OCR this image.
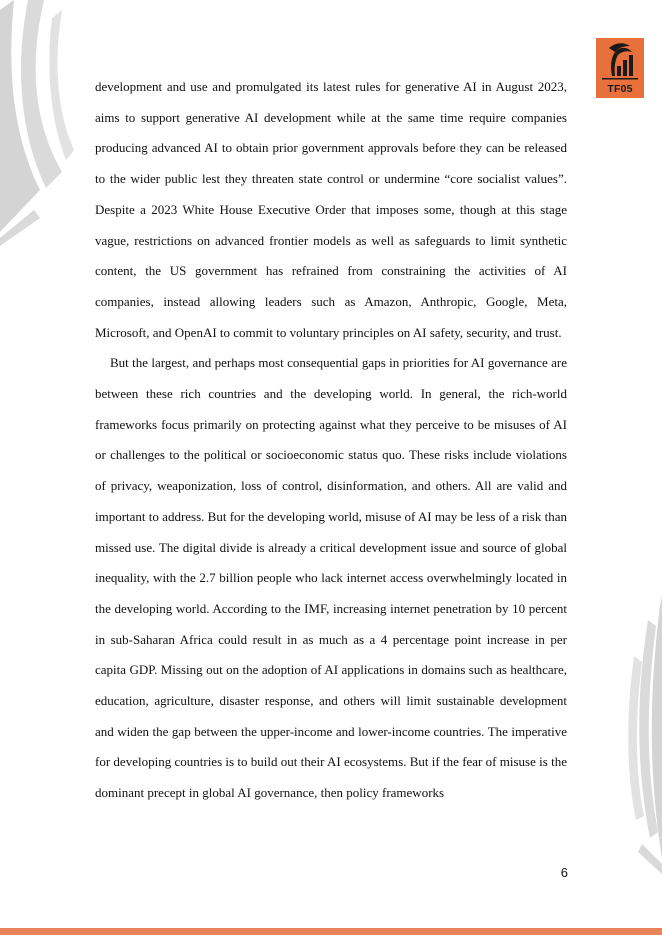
TF05

development and use and promulgated its latest rules for generative AI in August 2023, aims to support generative AI development while at the same time require companies producing advanced AI to obtain prior government approvals before they can be released to the wider public lest they threaten state control or undermine “core socialist values”. Despite a 2023 White House Executive Order that imposes some, though at this stage vague, restrictions on advanced frontier models as well as safeguards to limit synthetic content, the US government has refrained from constraining the activities of AI companies, instead allowing leaders such as Amazon, Anthropic, Google, Meta, Microsoft, and OpenAI to commit to voluntary principles on AI safety, security, and trust.

But the largest, and perhaps most consequential gaps in priorities for AI governance are between these rich countries and the developing world. In general, the rich-world frameworks focus primarily on protecting against what they perceive to be misuses of AI or challenges to the political or socioeconomic status quo. These risks include violations of privacy, weaponization, loss of control, disinformation, and others. All are valid and important to address. But for the developing world, misuse of AI may be less of a risk than missed use. The digital divide is already a critical development issue and source of global inequality, with the 2.7 billion people who lack internet access overwhelmingly located in the developing world. According to the IMF, increasing internet penetration by 10 percent in sub-Saharan Africa could result in as much as a 4 percentage point increase in per capita GDP. Missing out on the adoption of AI applications in domains such as healthcare, education, agriculture, disaster response, and others will limit sustainable development and widen the gap between the upper-income and lower-income countries. The imperative for developing countries is to build out their AI ecosystems. But if the fear of misuse is the dominant precept in global AI governance, then policy frameworks

6
